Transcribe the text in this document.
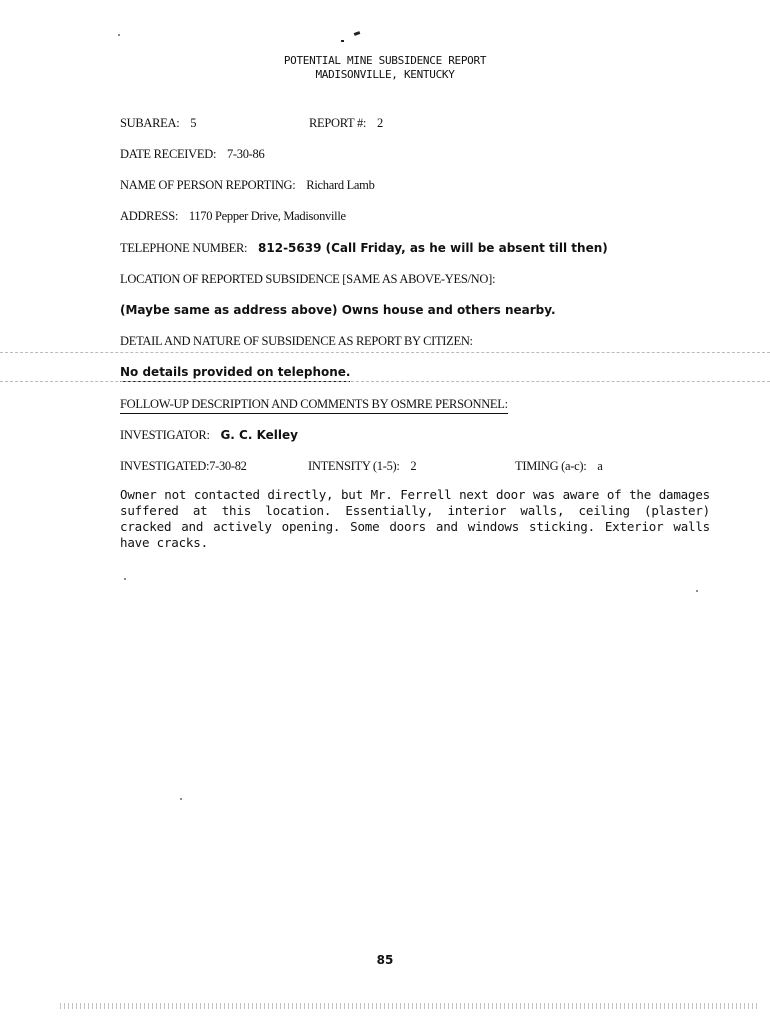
POTENTIAL MINE SUBSIDENCE REPORT
MADISONVILLE, KENTUCKY
SUBAREA: 5	REPORT #: 2
DATE RECEIVED: 7-30-86
NAME OF PERSON REPORTING: Richard Lamb
ADDRESS: 1170 Pepper Drive, Madisonville
TELEPHONE NUMBER: 812-5639 (Call Friday, as he will be absent till then)
LOCATION OF REPORTED SUBSIDENCE [SAME AS ABOVE-YES/NO]:
(Maybe same as address above) Owns house and others nearby.
DETAIL AND NATURE OF SUBSIDENCE AS REPORT BY CITIZEN:
No details provided on telephone.
FOLLOW-UP DESCRIPTION AND COMMENTS BY OSMRE PERSONNEL:
INVESTIGATOR: G. C. Kelley
INVESTIGATED:7-30-82	INTENSITY (1-5): 2	TIMING (a-c): a
Owner not contacted directly, but Mr. Ferrell next door was aware of the damages suffered at this location. Essentially, interior walls, ceiling (plaster) cracked and actively opening. Some doors and windows sticking. Exterior walls have cracks.
85
